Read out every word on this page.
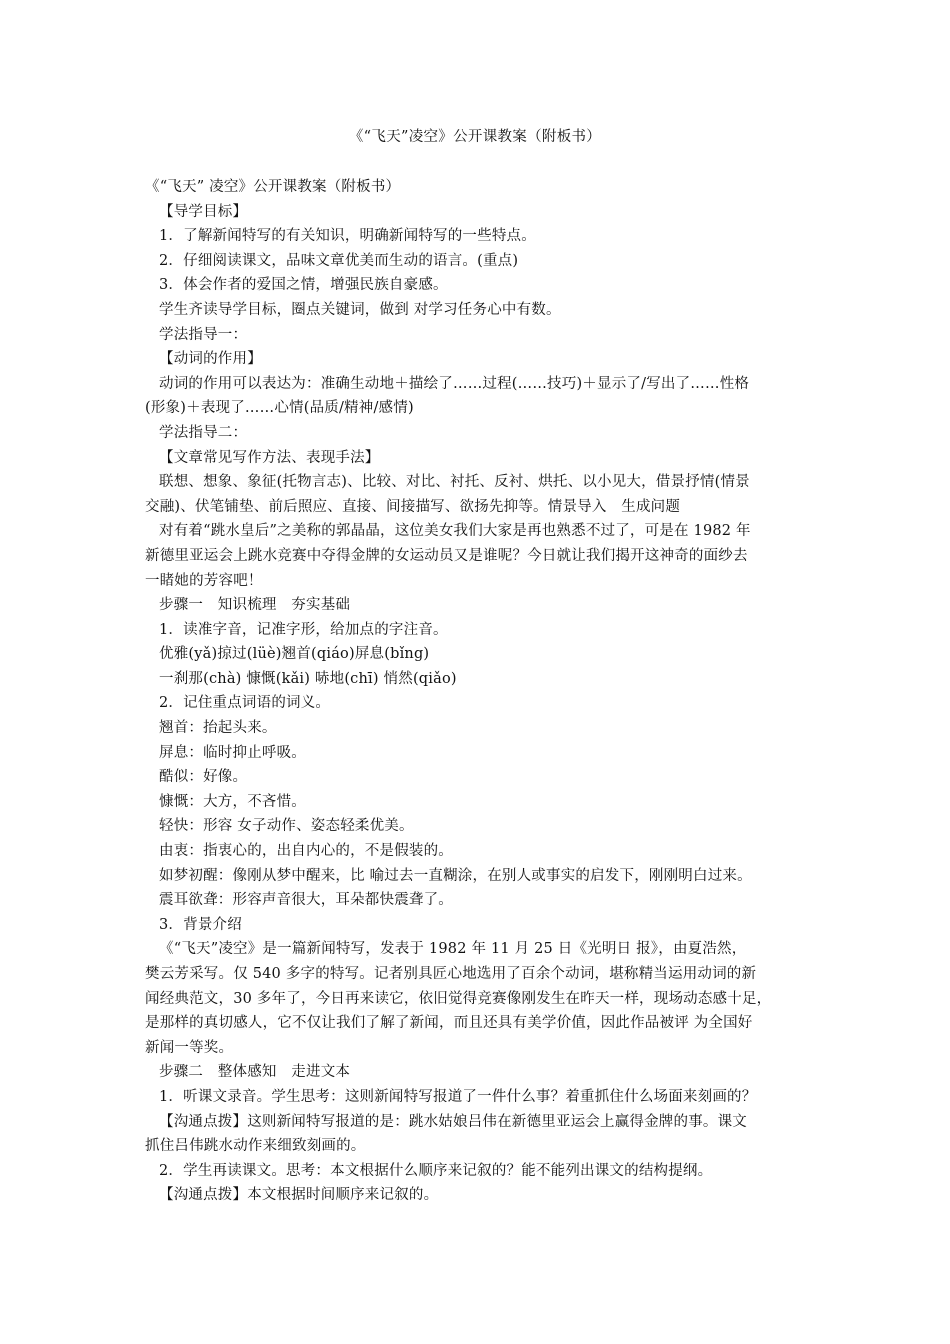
《“飞天”凌空》公开课教案（附板书）

《“飞天” 凌空》公开课教案（附板书）

【导学目标】

1．了解新闻特写的有关知识，明确新闻特写的一些特点。

2．仔细阅读课文，品味文章优美而生动的语言。(重点)

3．体会作者的爱国之情，增强民族自豪感。

学生齐读导学目标，圈点关键词，做到 对学习任务心中有数。

学法指导一：

【动词的作用】

动词的作用可以表达为：准确生动地＋描绘了……过程(……技巧)＋显示了/写出了……性格

(形象)＋表现了……心情(品质/精神/感情)

学法指导二：

【文章常见写作方法、表现手法】

联想、想象、象征(托物言志)、比较、对比、衬托、反衬、烘托、以小见大，借景抒情(情景

交融)、伏笔铺垫、前后照应、直接、间接描写、欲扬先抑等。情景导入　生成问题

对有着“跳水皇后”之美称的郭晶晶，这位美女我们大家是再也熟悉不过了，可是在 1982 年

新德里亚运会上跳水竞赛中夺得金牌的女运动员又是谁呢？今日就让我们揭开这神奇的面纱去

一睹她的芳容吧！

步骤一　知识梳理　夯实基础

1．读准字音，记准字形，给加点的字注音。

优雅(yǎ)掠过(lüè)翘首(qiáo)屏息(bǐng)

一刹那(chà) 慷慨(kǎi) 哧地(chī) 悄然(qiǎo)

2．记住重点词语的词义。

翘首：抬起头来。

屏息：临时抑止呼吸。

酷似：好像。

慷慨：大方，不吝惜。

轻快：形容 女子动作、姿态轻柔优美。

由衷：指衷心的，出自内心的，不是假装的。

如梦初醒：像刚从梦中醒来，比 喻过去一直糊涂，在别人或事实的启发下，刚刚明白过来。

震耳欲聋：形容声音很大，耳朵都快震聋了。

3．背景介绍

《“飞天”凌空》是一篇新闻特写，发表于 1982 年 11 月 25 日《光明日 报》，由夏浩然，

樊云芳采写。仅 540 多字的特写。记者别具匠心地选用了百余个动词，堪称精当运用动词的新

闻经典范文，30 多年了，今日再来读它，依旧觉得竞赛像刚发生在昨天一样，现场动态感十足，

是那样的真切感人，它不仅让我们了解了新闻，而且还具有美学价值，因此作品被评 为全国好

新闻一等奖。

步骤二　整体感知　走进文本

1．听课文录音。学生思考：这则新闻特写报道了一件什么事？着重抓住什么场面来刻画的？

【沟通点拨】这则新闻特写报道的是：跳水姑娘吕伟在新德里亚运会上赢得金牌的事。课文

抓住吕伟跳水动作来细致刻画的。

2．学生再读课文。思考：本文根据什么顺序来记叙的？能不能列出课文的结构提纲。

【沟通点拨】本文根据时间顺序来记叙的。
